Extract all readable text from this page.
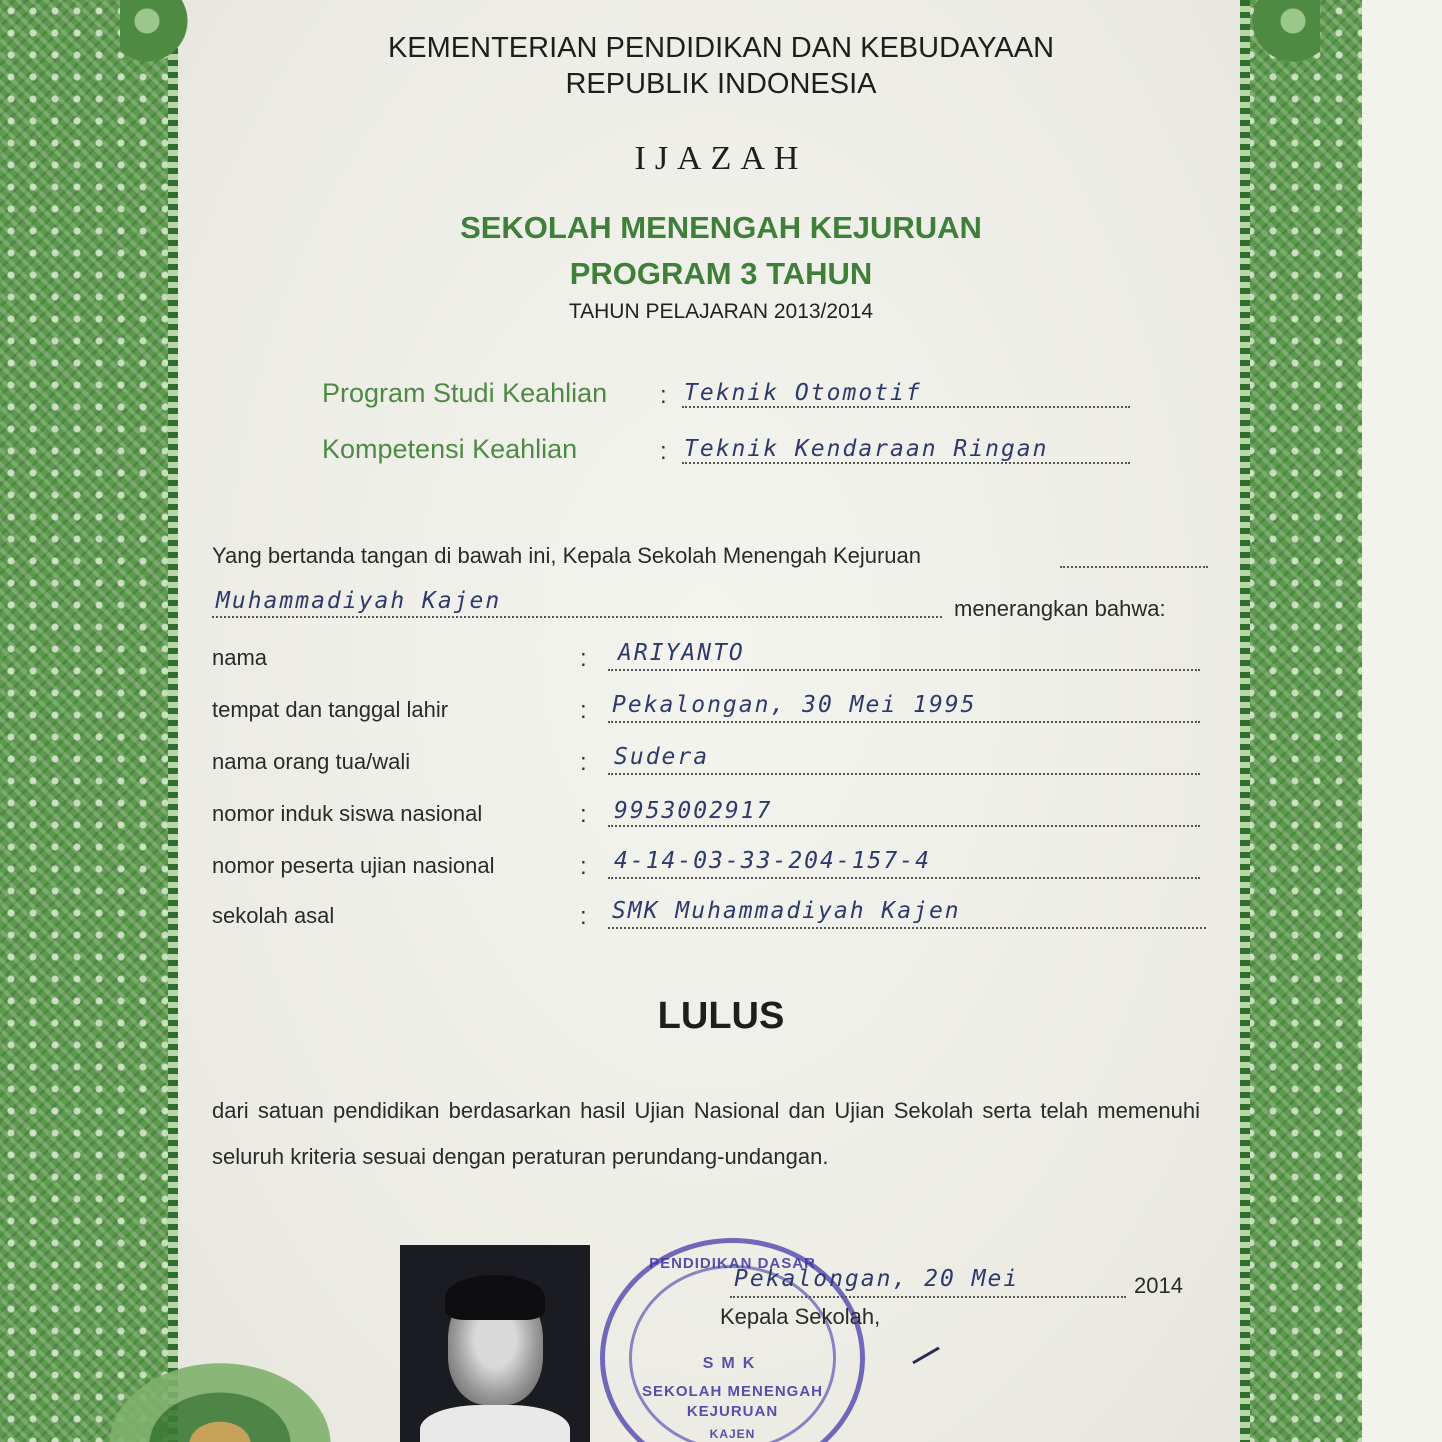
KEMENTERIAN PENDIDIKAN DAN KEBUDAYAAN
REPUBLIK INDONESIA
IJAZAH
SEKOLAH MENENGAH KEJURUAN
PROGRAM 3 TAHUN
TAHUN PELAJARAN 2013/2014
Program Studi Keahlian : Teknik Otomotif
Kompetensi Keahlian	: Teknik Kendaraan Ringan
Yang bertanda tangan di bawah ini, Kepala Sekolah Menengah Kejuruan
Muhammadiyah Kajen	menerangkan bahwa:
nama	: ARIYANTO
tempat dan tanggal lahir	: Pekalongan, 30 Mei 1995
nama orang tua/wali	: Sudera
nomor induk siswa nasional	: 9953002917
nomor peserta ujian nasional	: 4-14-03-33-204-157-4
sekolah asal	: SMK Muhammadiyah Kajen
LULUS
dari satuan pendidikan berdasarkan hasil Ujian Nasional dan Ujian Sekolah serta telah memenuhi seluruh kriteria sesuai dengan peraturan perundang-undangan.
PENDIDIKAN DASAR
SMK
SEKOLAH MENENGAH
KEJURUAN
KAJEN
Pekalongan, 20 Mei	2014
Kepala Sekolah,
